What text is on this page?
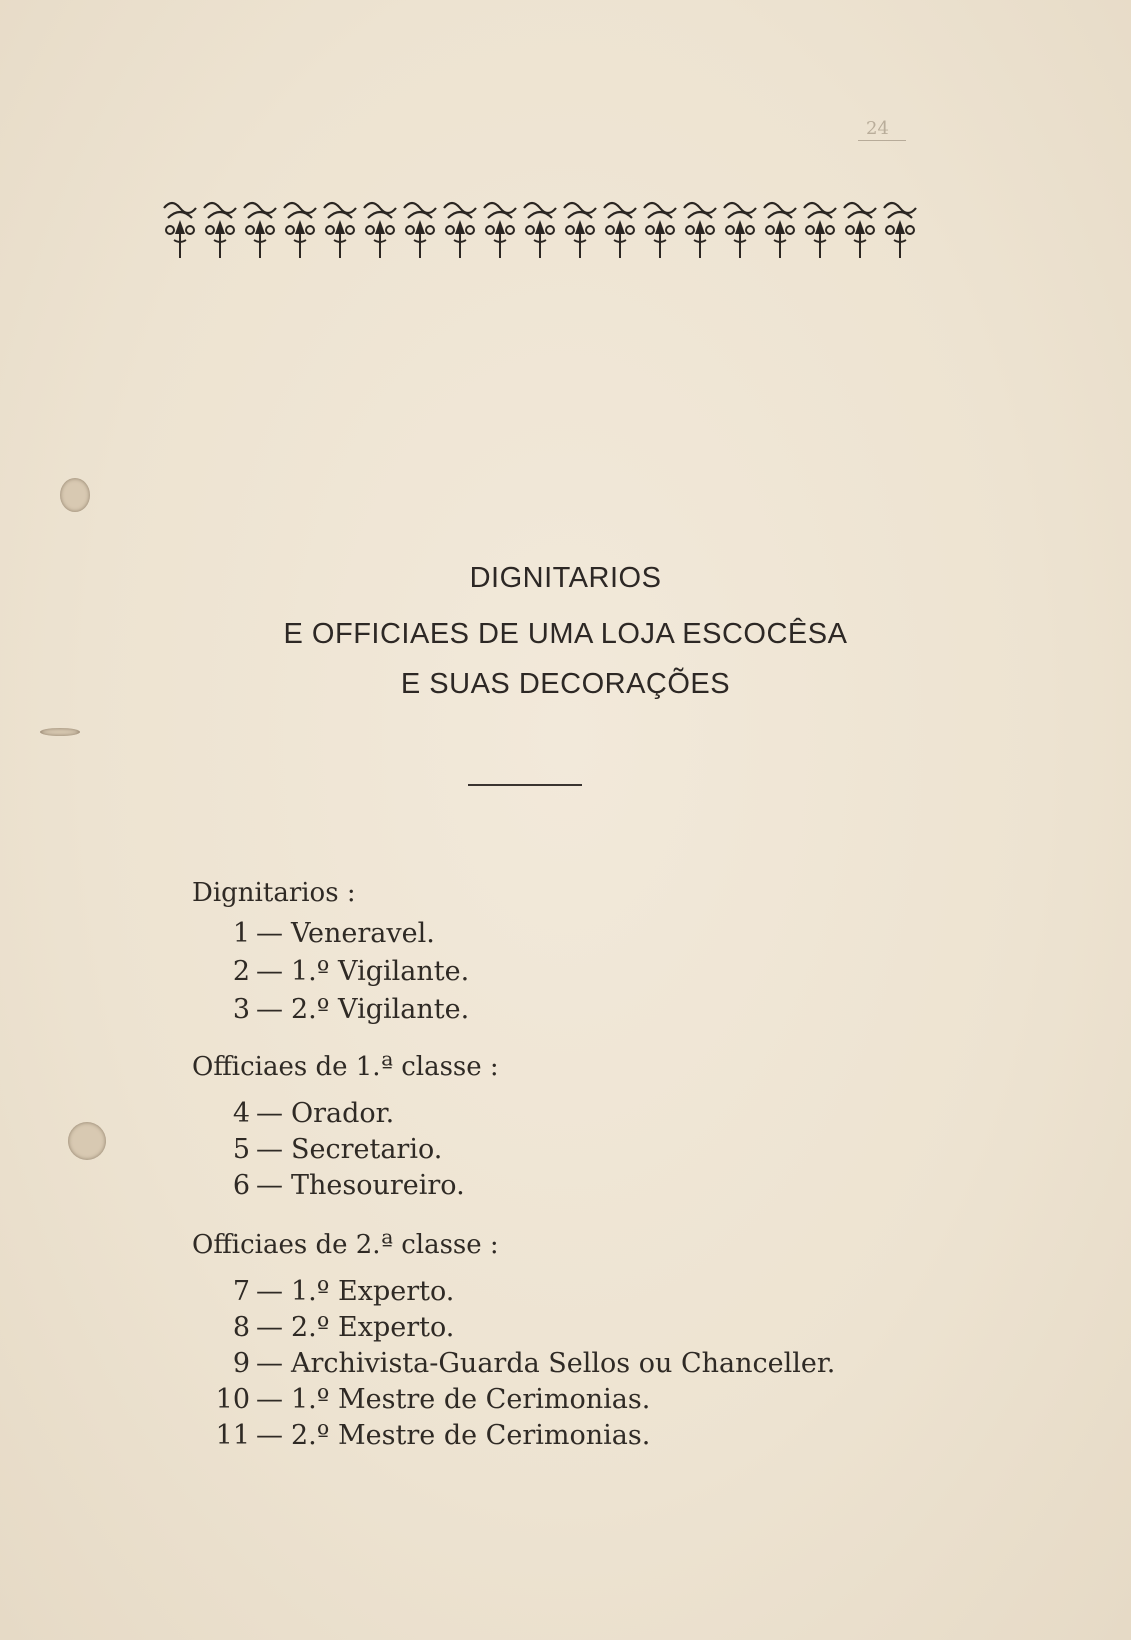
DIGNITARIOS
E OFFICIAES DE UMA LOJA ESCOCÊSA
E SUAS DECORAÇÕES
Dignitarios :
1 — Veneravel.
2 — 1.º Vigilante.
3 — 2.º Vigilante.
Officiaes de 1.ª classe :
4 — Orador.
5 — Secretario.
6 — Thesoureiro.
Officiaes de 2.ª classe :
7 — 1.º Experto.
8 — 2.º Experto.
9 — Archivista-Guarda Sellos ou Chanceller.
10 — 1.º Mestre de Cerimonias.
11 — 2.º Mestre de Cerimonias.
24
